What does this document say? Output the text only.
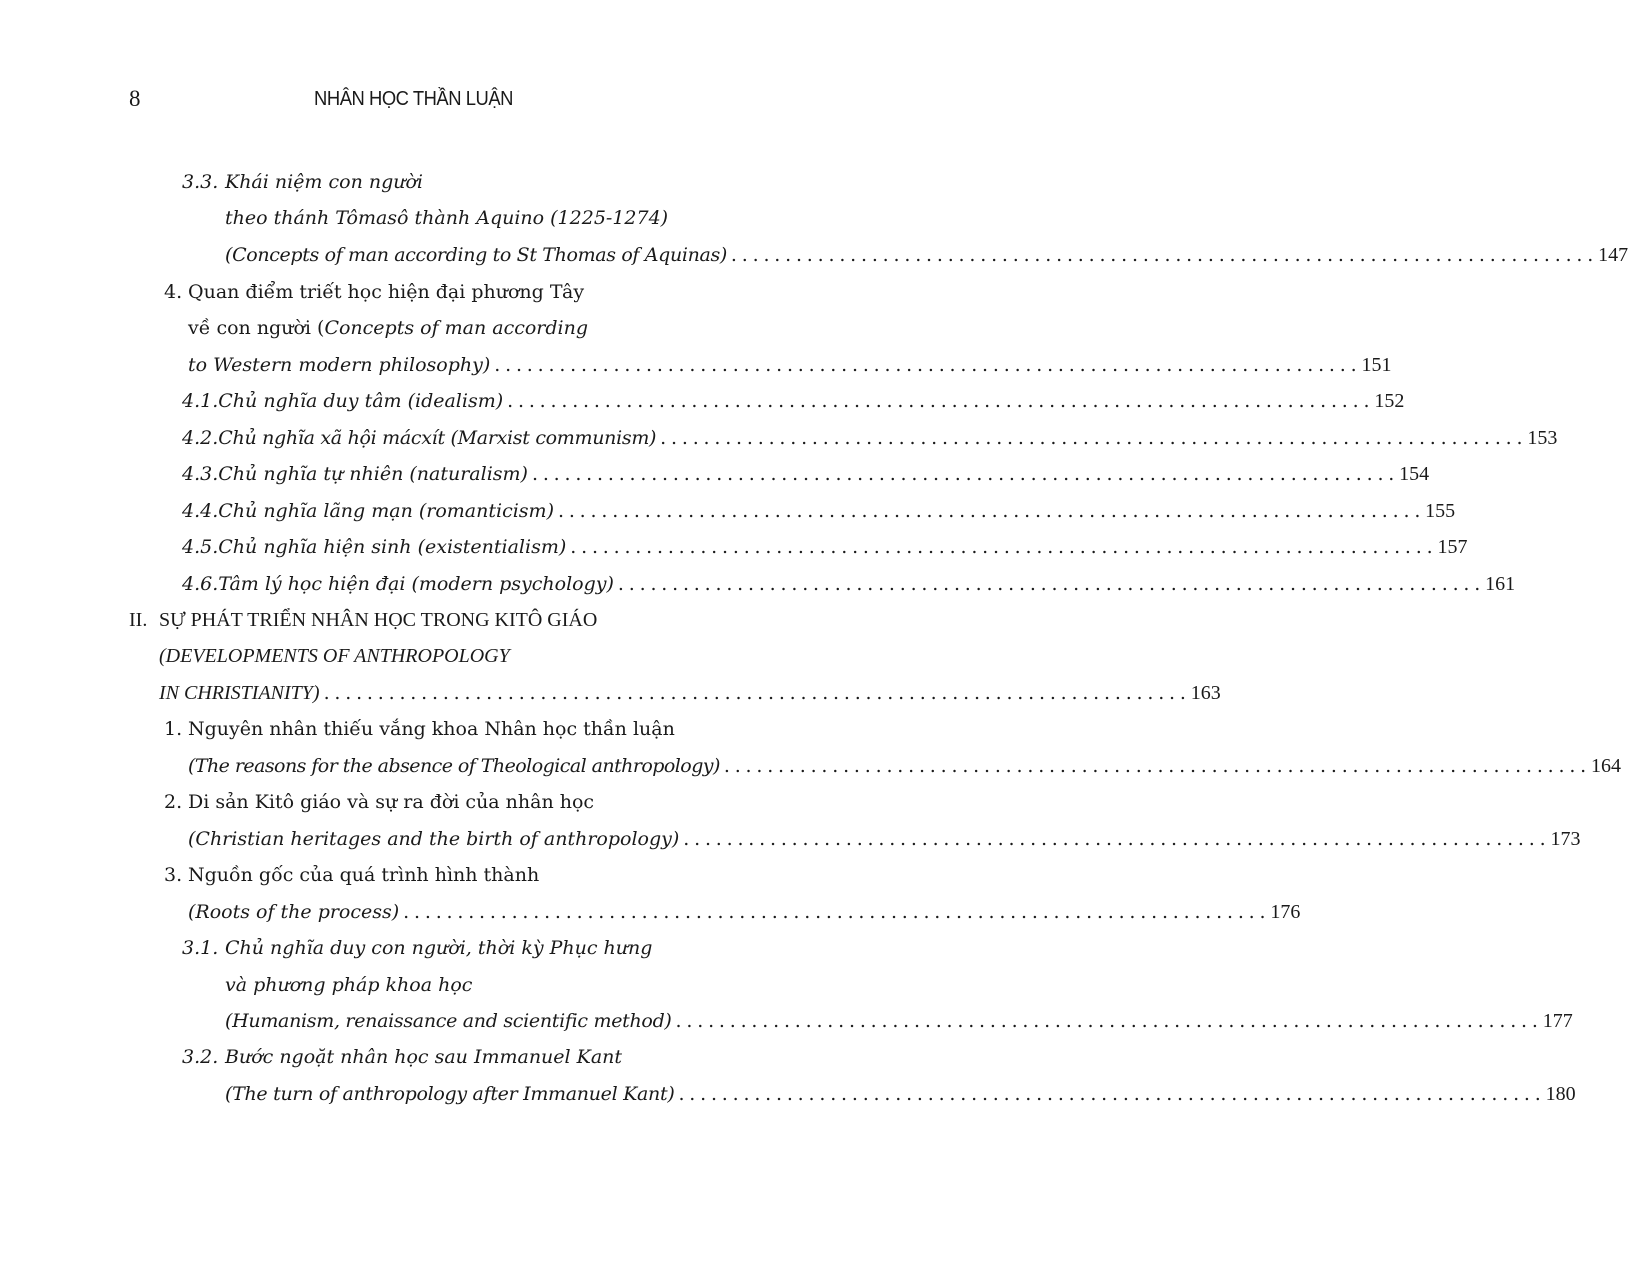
8	NHÂN HỌC THẦN LUẬN
3.3. Khái niệm con người
theo thánh Tômasô thành Aquino (1225-1274)
(Concepts of man according to St Thomas of Aquinas) ................................................................................ 147
4. Quan điểm triết học hiện đại phương Tây
về con người ( Concepts of man according
to Western modern philosophy) ................................................................................ 151
4.1. Chủ nghĩa duy tâm (idealism) ................................................................................ 152
4.2. Chủ nghĩa xã hội mácxít (Marxist communism) ................................................................................ 153
4.3. Chủ nghĩa tự nhiên (naturalism) ................................................................................ 154
4.4. Chủ nghĩa lãng mạn (romanticism) ................................................................................ 155
4.5. Chủ nghĩa hiện sinh (existentialism) ................................................................................ 157
4.6. Tâm lý học hiện đại (modern psychology) ................................................................................ 161
II. SỰ PHÁT TRIỂN NHÂN HỌC TRONG KITÔ GIÁO
(DEVELOPMENTS OF ANTHROPOLOGY
IN CHRISTIANITY) ................................................................................ 163
1. Nguyên nhân thiếu vắng khoa Nhân học thần luận
(The reasons for the absence of Theological anthropology) ................................................................................ 164
2. Di sản Kitô giáo và sự ra đời của nhân học
(Christian heritages and the birth of anthropology) ................................................................................ 173
3. Nguồn gốc của quá trình hình thành
(Roots of the process) ................................................................................ 176
3.1. Chủ nghĩa duy con người, thời kỳ Phục hưng
và phương pháp khoa học
(Humanism, renaissance and scientific method) ................................................................................ 177
3.2. Bước ngoặt nhân học sau Immanuel Kant
(The turn of anthropology after Immanuel Kant) ................................................................................ 180
